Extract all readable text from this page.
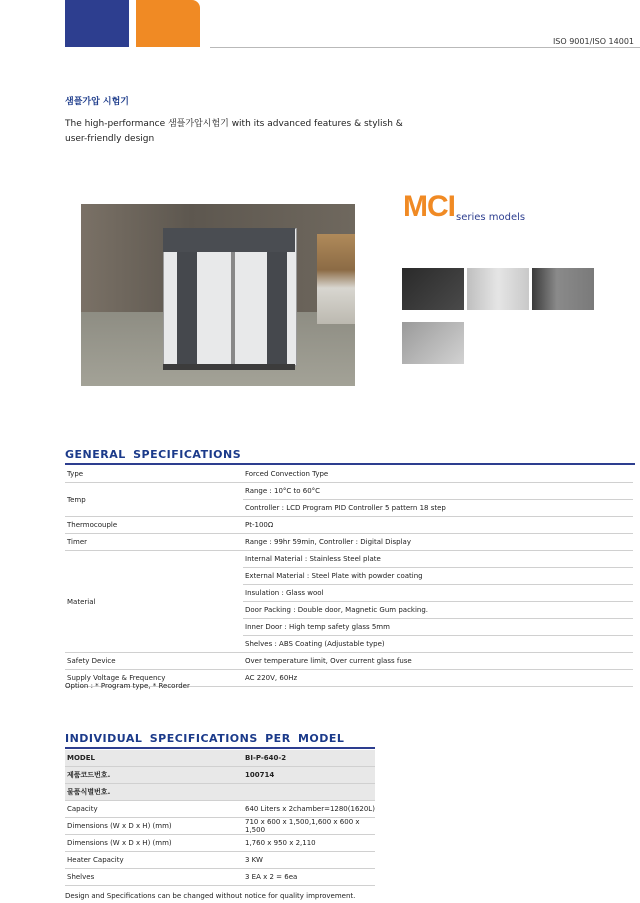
ISO 9001/ISO 14001
샘플가압 시험기
The high-performance 샘플가압시험기 with its advanced features & stylish & user-friendly design
MCI series models
GENERAL SPECIFICATIONS
Type	Forced Convection Type
Temp	Range : 10°C to 60°C
	Controller : LCD Program PID Controller 5 pattern 18 step
Thermocouple	Pt-100Ω
Timer	Range : 99hr 59min, Controller : Digital Display
Material	Internal Material : Stainless Steel plate
	External Material : Steel Plate with powder coating
	Insulation : Glass wool
	Door Packing : Double door, Magnetic Gum packing.
	Inner Door : High temp safety glass 5mm
	Shelves : ABS Coating (Adjustable type)
Safety Device	Over temperature limit, Over current glass fuse
Supply Voltage & Frequency	AC 220V, 60Hz
Option : * Program type, * Recorder
INDIVIDUAL SPECIFICATIONS PER MODEL
MODEL	BI-P-640-2
제품코드번호.	100714
물품식별번호.	
Capacity	640 Liters x 2chamber=1280(1620L)
Dimensions (W x D x H) (mm)	710 x 600 x 1,500,1,600 x 600 x 1,500
Dimensions (W x D x H) (mm)	1,760 x 950 x 2,110
Heater Capacity	3 KW
Shelves	3 EA x 2 = 6ea
Design and Specifications can be changed without notice for quality improvement.
